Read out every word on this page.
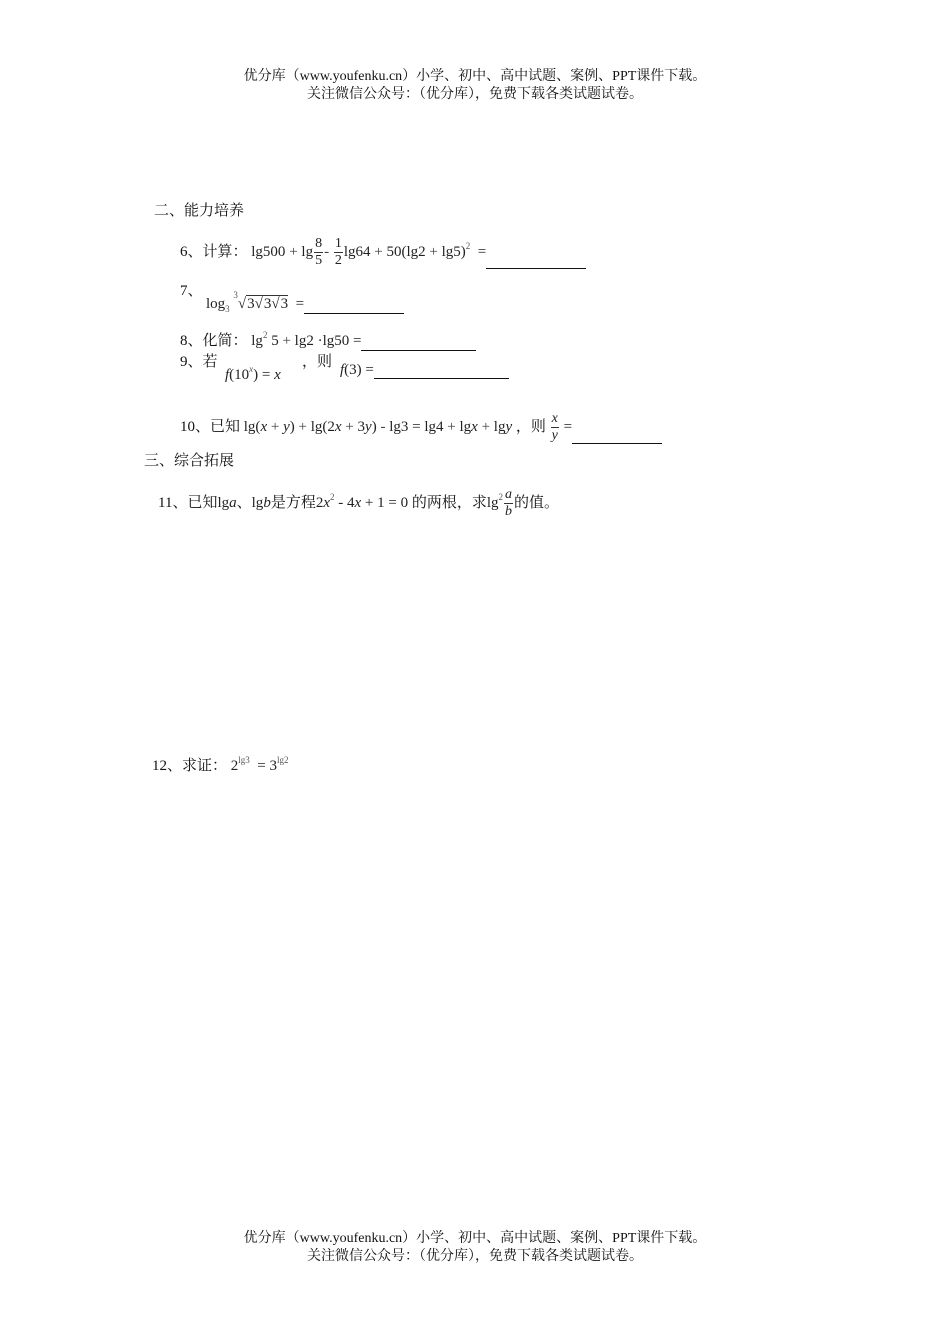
优分库（www.youfenku.cn）小学、初中、高中试题、案例、PPT课件下载。
关注微信公众号：（优分库），免费下载各类试题试卷。
二、能力培养
6、计算： $\lg 500 + \lg \frac{8}{5} - \frac{1}{2} \lg 64 + 50(\lg 2 + \lg 5)^2$  =
7、
$\log_3 ^3√3√3√3$  =
8、化简： $\lg^2 5 + \lg 2 \cdot\lg 50$ =
9、若
$f(10^x) = x$
，则 f(3) =
10、已知 lg(x + y) + lg(2x + 3y) - lg3 = lg4 + lgx + lgy ，则 $\frac{x}{y}$ =
三、综合拓展
11、已知lga、lgb是方程$2x^2 - 4x + 1 = 0$ 的两根，求$\lg^2 \frac{a}{b}$ 的值。
12、求证： $2^{lg3} = 3^{lg2}$
优分库（www.youfenku.cn）小学、初中、高中试题、案例、PPT课件下载。
关注微信公众号：（优分库），免费下载各类试题试卷。
